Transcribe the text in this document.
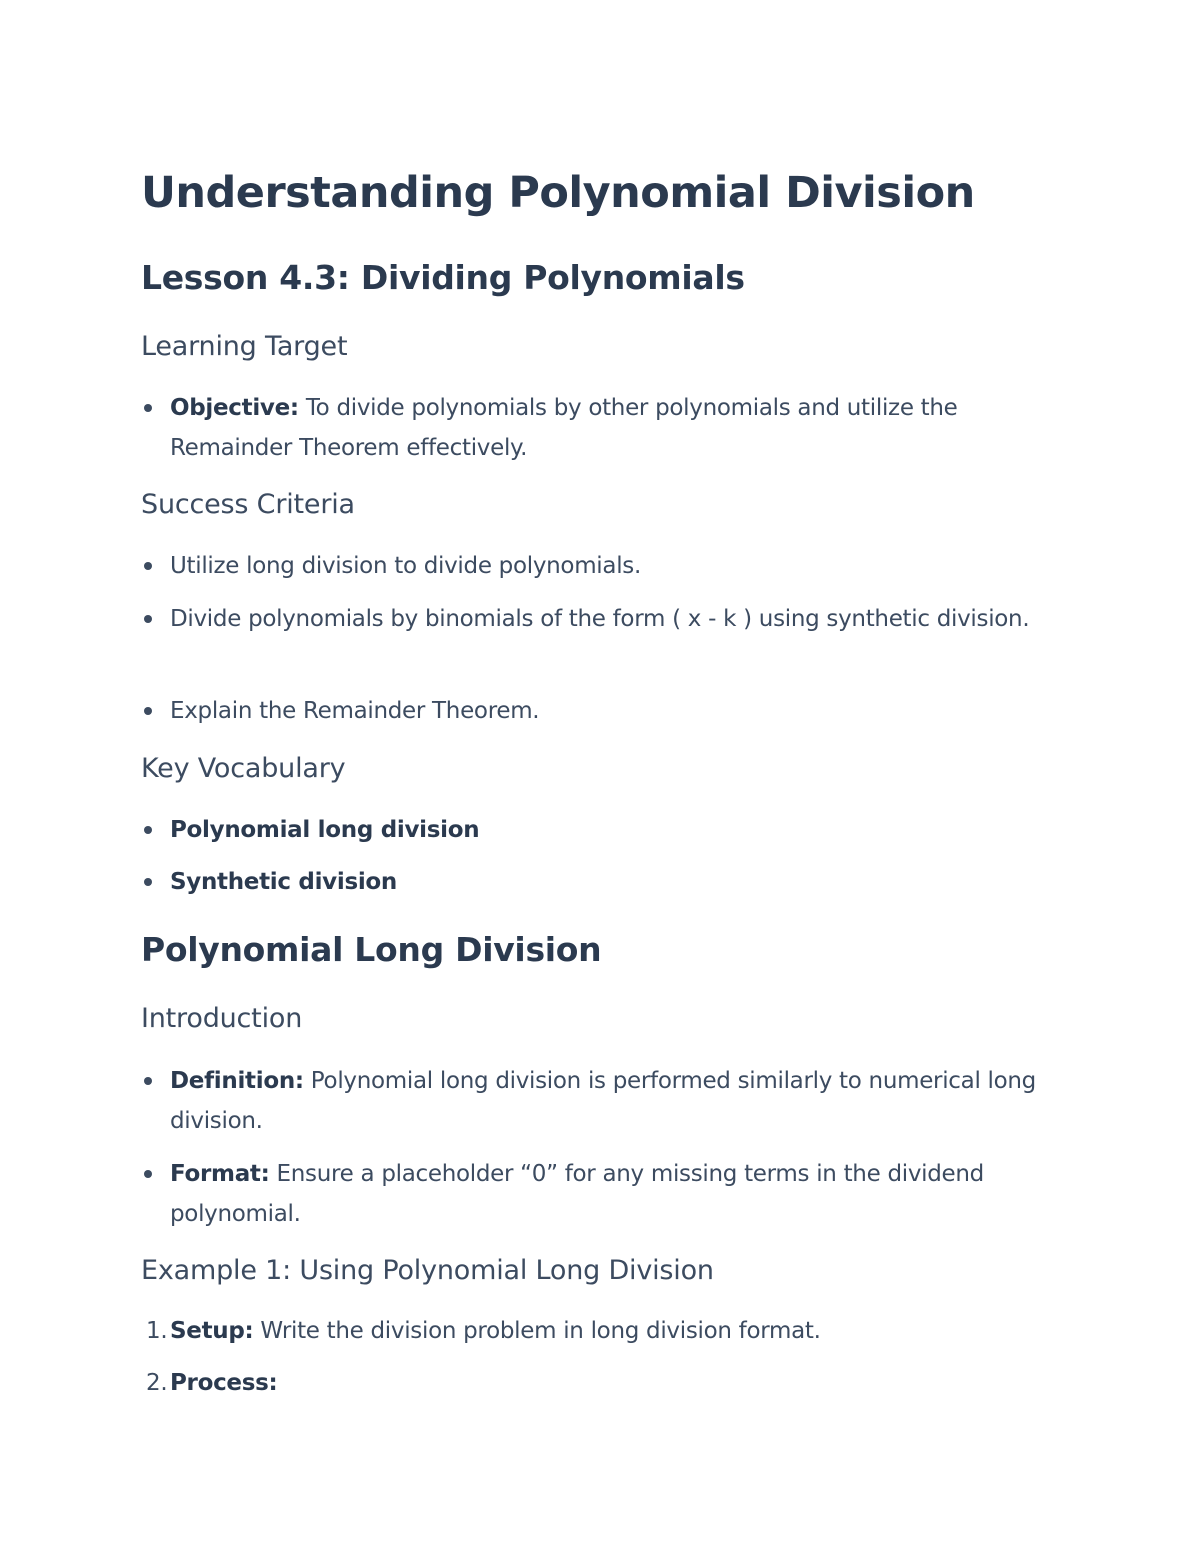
Understanding Polynomial Division
Lesson 4.3: Dividing Polynomials
Learning Target
Objective: To divide polynomials by other polynomials and utilize the Remainder Theorem effectively.
Success Criteria
Utilize long division to divide polynomials.
Divide polynomials by binomials of the form ( x - k ) using synthetic division.
Explain the Remainder Theorem.
Key Vocabulary
Polynomial long division
Synthetic division
Polynomial Long Division
Introduction
Definition: Polynomial long division is performed similarly to numerical long division.
Format: Ensure a placeholder “0” for any missing terms in the dividend polynomial.
Example 1: Using Polynomial Long Division
1. Setup: Write the division problem in long division format.
2. Process:
